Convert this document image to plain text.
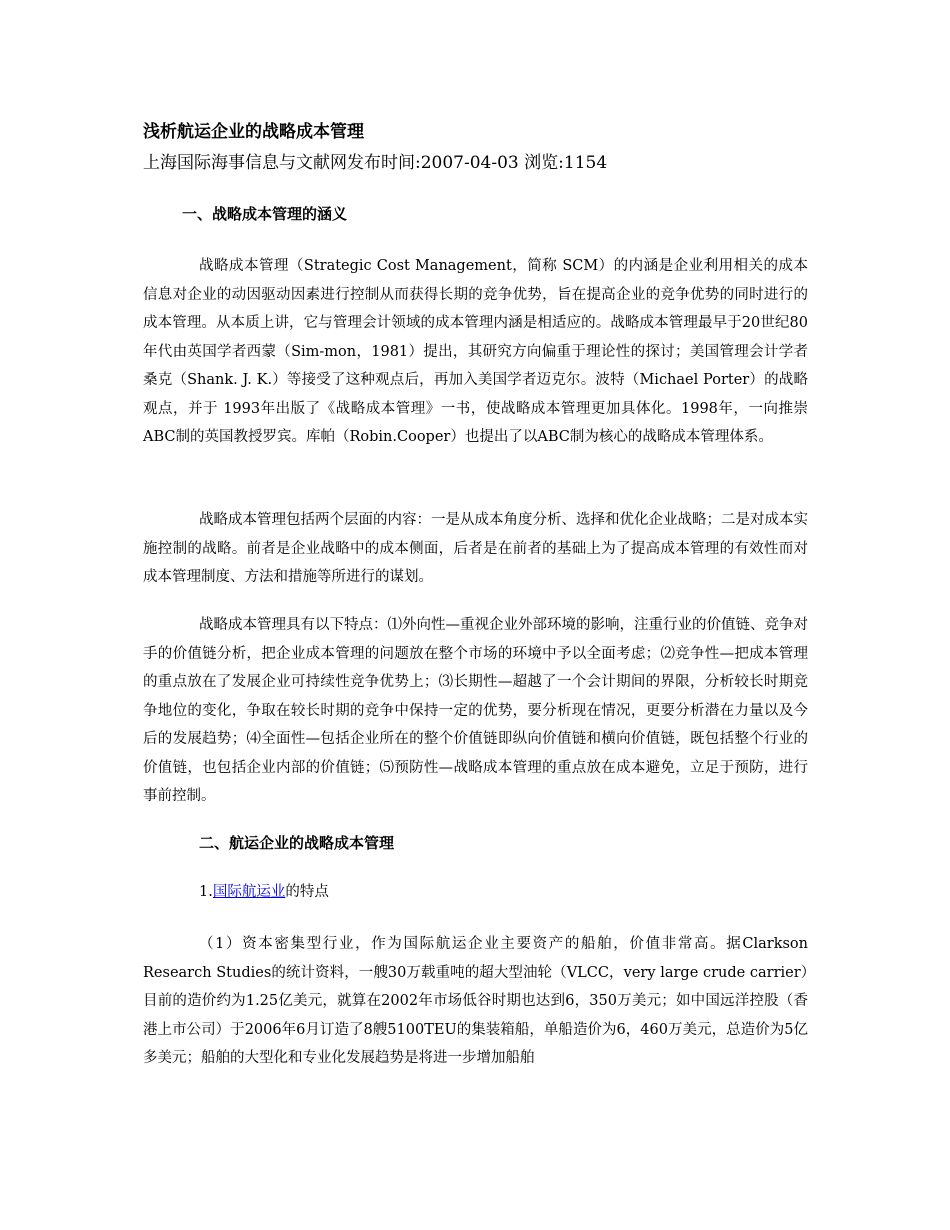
浅析航运企业的战略成本管理

上海国际海事信息与文献网发布时间:2007-04-03 浏览:1154

一、战略成本管理的涵义

战略成本管理（Strategic Cost Management，简称 SCM）的内涵是企业利用相关的成本信息对企业的动因驱动因素进行控制从而获得长期的竞争优势，旨在提高企业的竞争优势的同时进行的成本管理。从本质上讲，它与管理会计领域的成本管理内涵是相适应的。战略成本管理最早于20世纪80年代由英国学者西蒙（Sim-mon，1981）提出，其研究方向偏重于理论性的探讨；美国管理会计学者桑克（Shank. J. K.）等接受了这种观点后，再加入美国学者迈克尔。波特（Michael Porter）的战略观点，并于 1993年出版了《战略成本管理》一书，使战略成本管理更加具体化。1998年，一向推崇ABC制的英国教授罗宾。库帕（Robin.Cooper）也提出了以ABC制为核心的战略成本管理体系。

战略成本管理包括两个层面的内容：一是从成本角度分析、选择和优化企业战略；二是对成本实施控制的战略。前者是企业战略中的成本侧面，后者是在前者的基础上为了提高成本管理的有效性而对成本管理制度、方法和措施等所进行的谋划。

战略成本管理具有以下特点：⑴外向性—重视企业外部环境的影响，注重行业的价值链、竞争对手的价值链分析，把企业成本管理的问题放在整个市场的环境中予以全面考虑；⑵竞争性—把成本管理的重点放在了发展企业可持续性竞争优势上；⑶长期性—超越了一个会计期间的界限，分析较长时期竞争地位的变化，争取在较长时期的竞争中保持一定的优势，要分析现在情况，更要分析潜在力量以及今后的发展趋势；⑷全面性—包括企业所在的整个价值链即纵向价值链和横向价值链，既包括整个行业的价值链，也包括企业内部的价值链；⑸预防性—战略成本管理的重点放在成本避免，立足于预防，进行事前控制。

二、航运企业的战略成本管理

1.国际航运业的特点

（1）资本密集型行业，作为国际航运企业主要资产的船舶，价值非常高。据Clarkson Research Studies的统计资料，一艘30万载重吨的超大型油轮（VLCC，very large crude carrier）目前的造价约为1.25亿美元，就算在2002年市场低谷时期也达到6，350万美元；如中国远洋控股（香港上市公司）于2006年6月订造了8艘5100TEU的集装箱船，单船造价为6，460万美元，总造价为5亿多美元；船舶的大型化和专业化发展趋势是将进一步增加船舶
